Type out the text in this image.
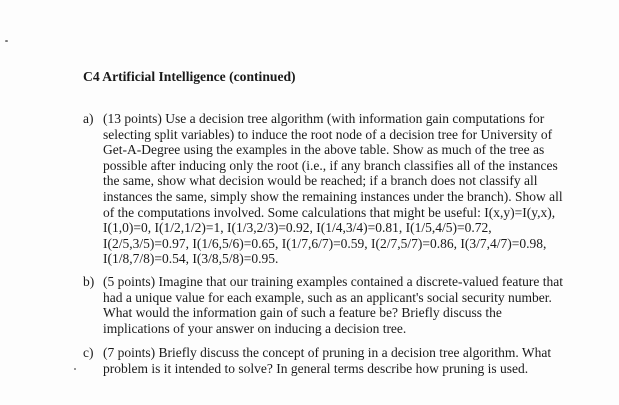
C4 Artificial Intelligence (continued)
a) (13 points) Use a decision tree algorithm (with information gain computations for
selecting split variables) to induce the root node of a decision tree for University of
Get-A-Degree using the examples in the above table. Show as much of the tree as
possible after inducing only the root (i.e., if any branch classifies all of the instances
the same, show what decision would be reached; if a branch does not classify all
instances the same, simply show the remaining instances under the branch). Show all
of the computations involved. Some calculations that might be useful: I(x,y)=I(y,x),
I(1,0)=0, I(1/2,1/2)=1, I(1/3,2/3)=0.92, I(1/4,3/4)=0.81, I(1/5,4/5)=0.72,
I(2/5,3/5)=0.97, I(1/6,5/6)=0.65, I(1/7,6/7)=0.59, I(2/7,5/7)=0.86, I(3/7,4/7)=0.98,
I(1/8,7/8)=0.54, I(3/8,5/8)=0.95.
b) (5 points) Imagine that our training examples contained a discrete-valued feature that
had a unique value for each example, such as an applicant's social security number.
What would the information gain of such a feature be? Briefly discuss the
implications of your answer on inducing a decision tree.
c) (7 points) Briefly discuss the concept of pruning in a decision tree algorithm. What
problem is it intended to solve? In general terms describe how pruning is used.
